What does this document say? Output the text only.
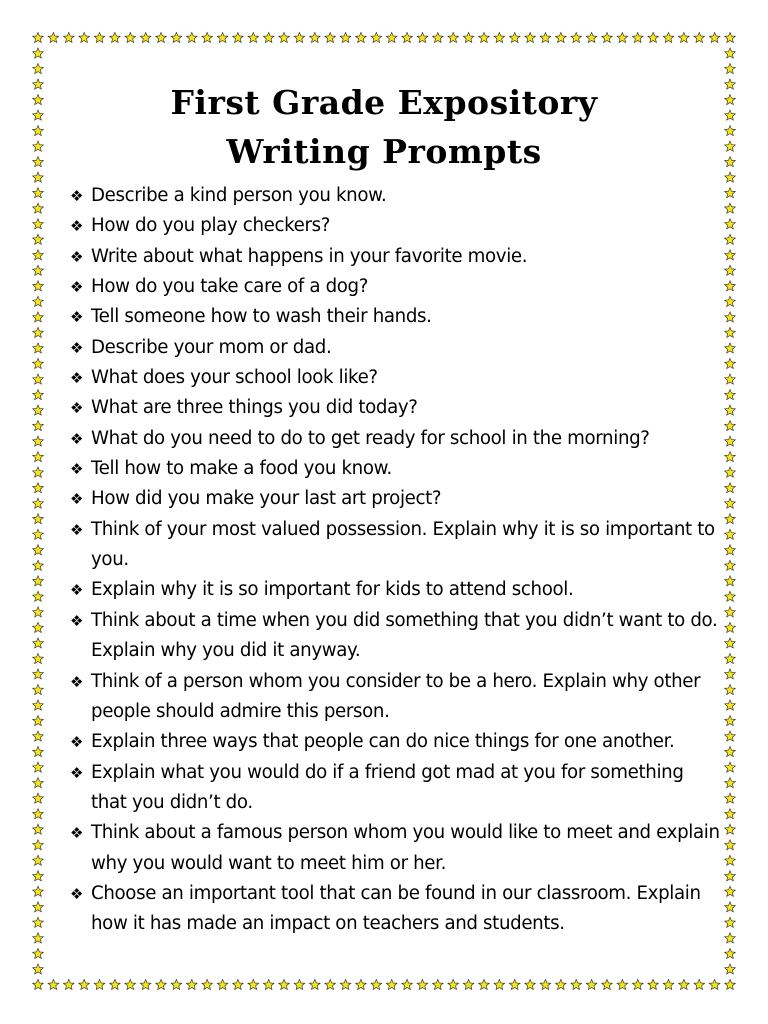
First Grade Expository
Writing Prompts
❖ Describe a kind person you know.
❖ How do you play checkers?
❖ Write about what happens in your favorite movie.
❖ How do you take care of a dog?
❖ Tell someone how to wash their hands.
❖ Describe your mom or dad.
❖ What does your school look like?
❖ What are three things you did today?
❖ What do you need to do to get ready for school in the morning?
❖ Tell how to make a food you know.
❖ How did you make your last art project?
❖ Think of your most valued possession. Explain why it is so important to you.
❖ Explain why it is so important for kids to attend school.
❖ Think about a time when you did something that you didn’t want to do. Explain why you did it anyway.
❖ Think of a person whom you consider to be a hero. Explain why other people should admire this person.
❖ Explain three ways that people can do nice things for one another.
❖ Explain what you would do if a friend got mad at you for something that you didn’t do.
❖ Think about a famous person whom you would like to meet and explain why you would want to meet him or her.
❖ Choose an important tool that can be found in our classroom. Explain how it has made an impact on teachers and students.
